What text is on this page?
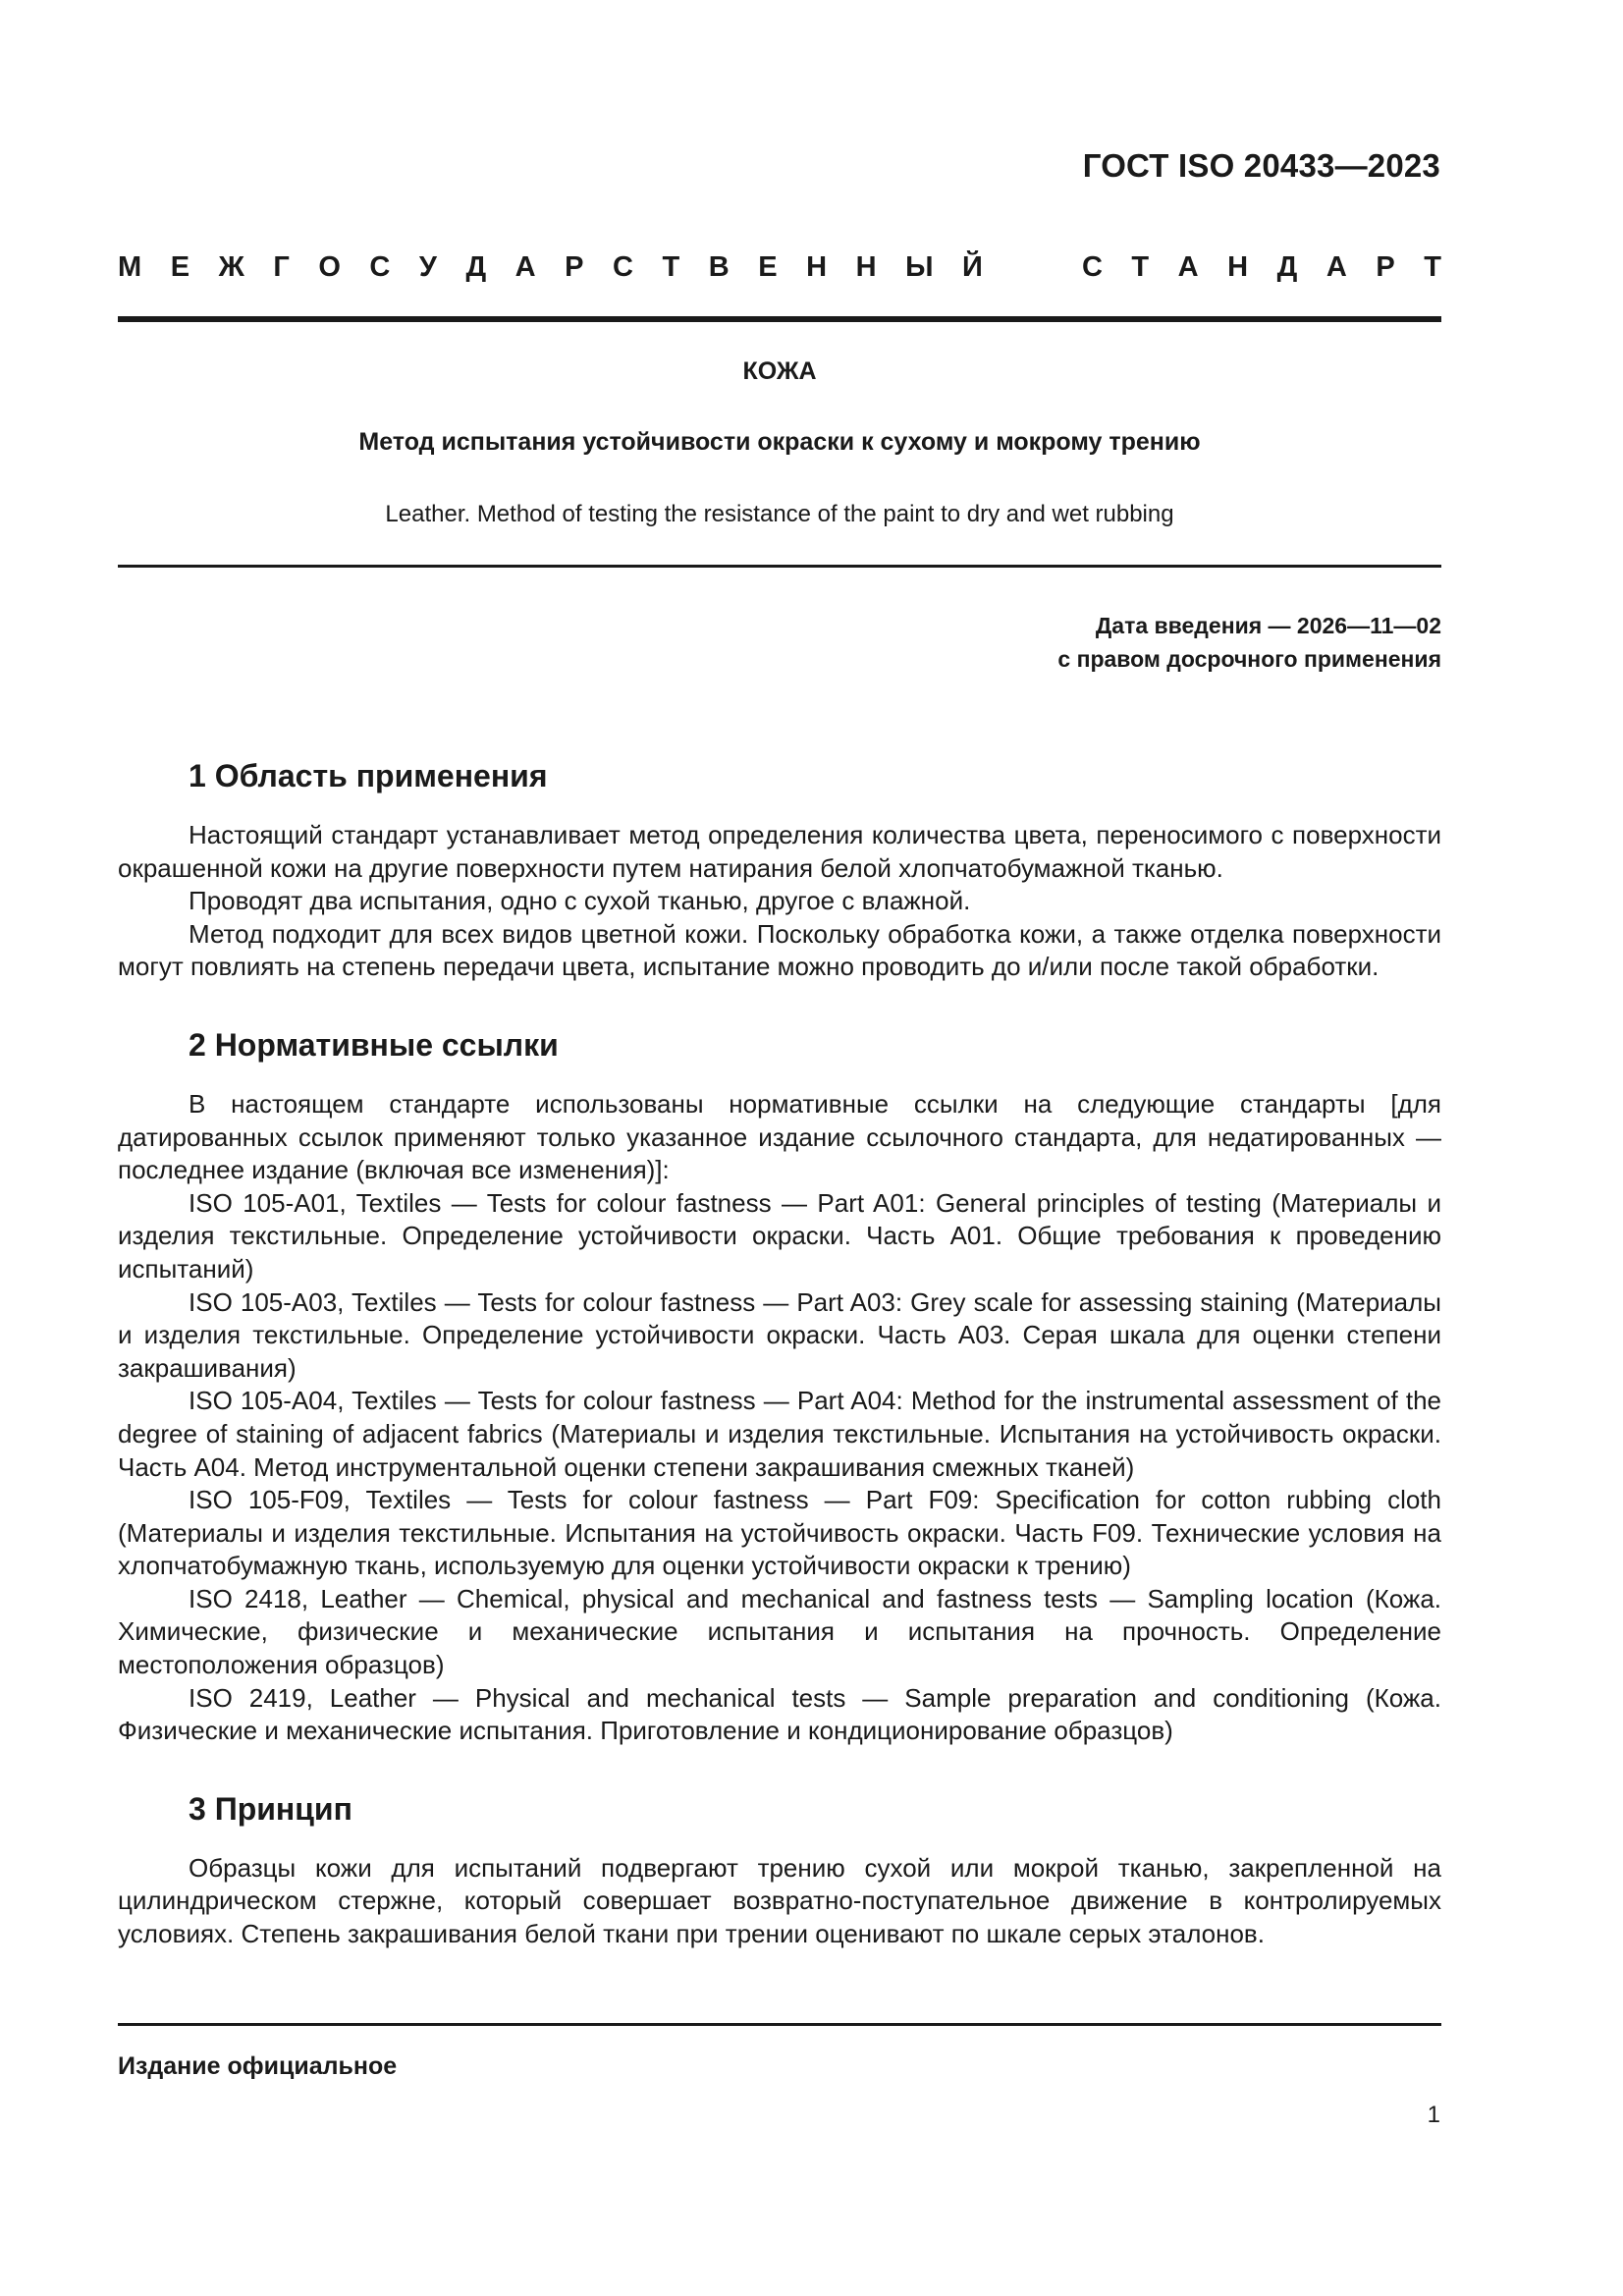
ГОСТ ISO 20433—2023
М Е Ж Г О С У Д А Р С Т В Е Н Н Ы Й	С Т А Н Д А Р Т
КОЖА
Метод испытания устойчивости окраски к сухому и мокрому трению
Leather. Method of testing the resistance of the paint to dry and wet rubbing
Дата введения — 2026—11—02
с правом досрочного применения
1 Область применения

Настоящий стандарт устанавливает метод определения количества цвета, переносимого с поверхности окрашенной кожи на другие поверхности путем натирания белой хлопчатобумажной тканью.

Проводят два испытания, одно с сухой тканью, другое с влажной.

Метод подходит для всех видов цветной кожи. Поскольку обработка кожи, а также отделка поверхности могут повлиять на степень передачи цвета, испытание можно проводить до и/или после такой обработки.

2 Нормативные ссылки

В настоящем стандарте использованы нормативные ссылки на следующие стандарты [для датированных ссылок применяют только указанное издание ссылочного стандарта, для недатированных — последнее издание (включая все изменения)]:

ISO 105-A01, Textiles — Tests for colour fastness — Part A01: General principles of testing (Материалы и изделия текстильные. Определение устойчивости окраски. Часть А01. Общие требования к проведению испытаний)

ISO 105-A03, Textiles — Tests for colour fastness — Part A03: Grey scale for assessing staining (Материалы и изделия текстильные. Определение устойчивости окраски. Часть А03. Серая шкала для оценки степени закрашивания)

ISO 105-A04, Textiles — Tests for colour fastness — Part A04: Method for the instrumental assessment of the degree of staining of adjacent fabrics (Материалы и изделия текстильные. Испытания на устойчивость окраски. Часть А04. Метод инструментальной оценки степени закрашивания смежных тканей)

ISO 105-F09, Textiles — Tests for colour fastness — Part F09: Specification for cotton rubbing cloth (Материалы и изделия текстильные. Испытания на устойчивость окраски. Часть F09. Технические условия на хлопчатобумажную ткань, используемую для оценки устойчивости окраски к трению)

ISO 2418, Leather — Chemical, physical and mechanical and fastness tests — Sampling location (Кожа. Химические, физические и механические испытания и испытания на прочность. Определение местоположения образцов)

ISO 2419, Leather — Physical and mechanical tests — Sample preparation and conditioning (Кожа. Физические и механические испытания. Приготовление и кондиционирование образцов)

3 Принцип

Образцы кожи для испытаний подвергают трению сухой или мокрой тканью, закрепленной на цилиндрическом стержне, который совершает возвратно-поступательное движение в контролируемых условиях. Степень закрашивания белой ткани при трении оценивают по шкале серых эталонов.

Издание официальное
1
